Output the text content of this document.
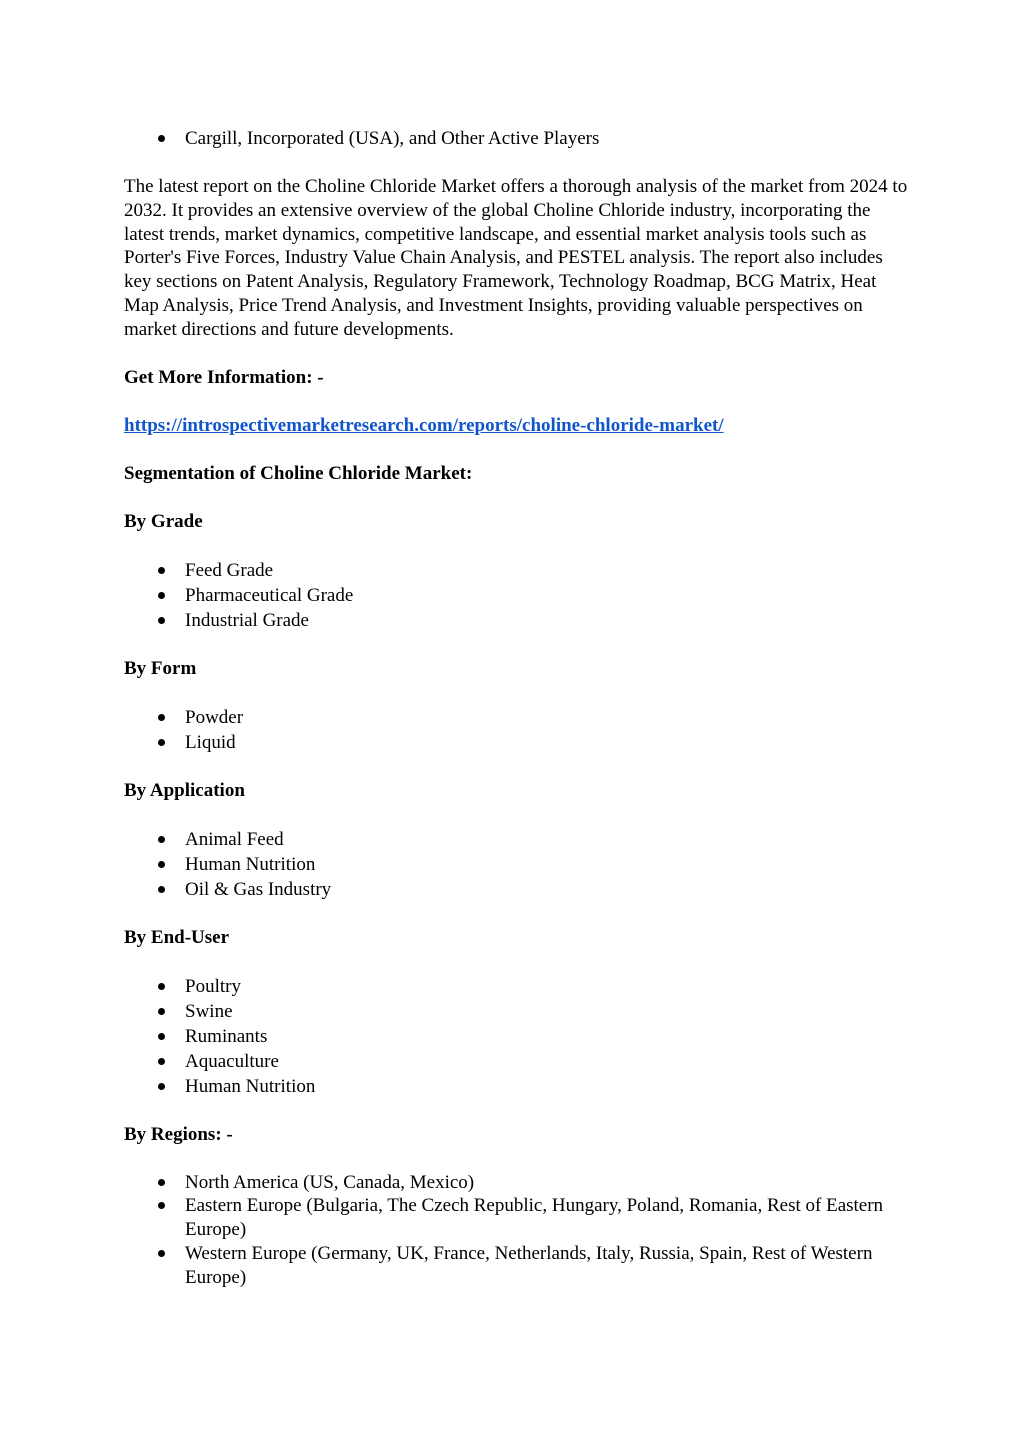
Cargill, Incorporated (USA), and Other Active Players

The latest report on the Choline Chloride Market offers a thorough analysis of the market from 2024 to 2032. It provides an extensive overview of the global Choline Chloride industry, incorporating the latest trends, market dynamics, competitive landscape, and essential market analysis tools such as Porter's Five Forces, Industry Value Chain Analysis, and PESTEL analysis. The report also includes key sections on Patent Analysis, Regulatory Framework, Technology Roadmap, BCG Matrix, Heat Map Analysis, Price Trend Analysis, and Investment Insights, providing valuable perspectives on market directions and future developments.

Get More Information: -

https://introspectivemarketresearch.com/reports/choline-chloride-market/

Segmentation of Choline Chloride Market:

By Grade

Feed Grade
Pharmaceutical Grade
Industrial Grade

By Form

Powder
Liquid

By Application

Animal Feed
Human Nutrition
Oil & Gas Industry

By End-User

Poultry
Swine
Ruminants
Aquaculture
Human Nutrition

By Regions: -

North America (US, Canada, Mexico)
Eastern Europe (Bulgaria, The Czech Republic, Hungary, Poland, Romania, Rest of Eastern Europe)
Western Europe (Germany, UK, France, Netherlands, Italy, Russia, Spain, Rest of Western Europe)
